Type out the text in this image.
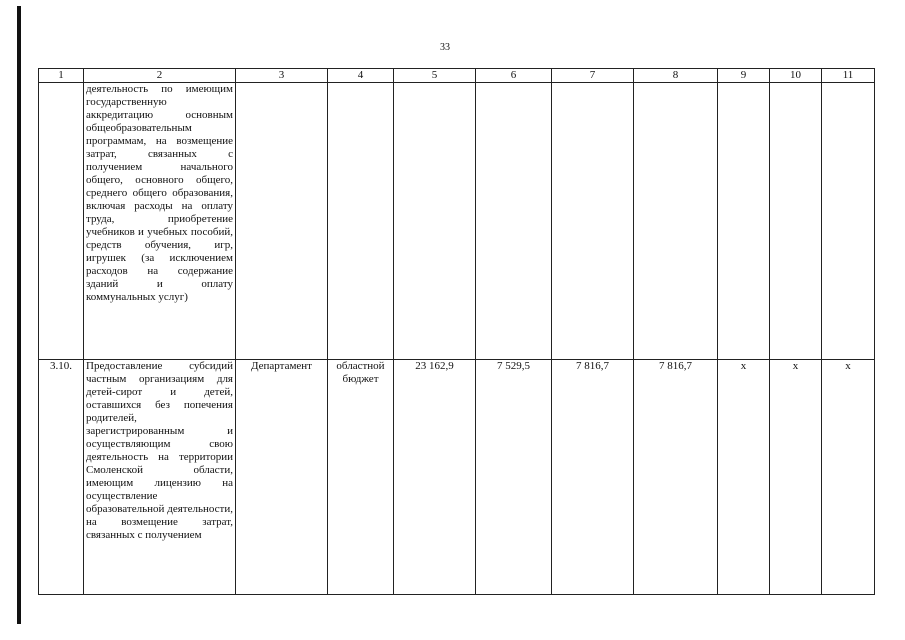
33
1	2	3	4	5	6	7	8	9	10	11
	деятельность по имеющим государственную аккредитацию основным общеобразовательным программам, на возмещение затрат, связанных с получением начального общего, основного общего, среднего общего образования, включая расходы на оплату труда, приобретение учебников и учебных пособий, средств обучения, игр, игрушек (за исключением расходов на содержание зданий и оплату коммунальных услуг)									
3.10.	Предоставление субсидий частным организациям для детей-сирот и детей, оставшихся без попечения родителей, зарегистрированным и осуществляющим свою деятельность на территории Смоленской области, имеющим лицензию на осуществление образовательной деятельности, на возмещение затрат, связанных с получением	Департамент	областной бюджет	23 162,9	7 529,5	7 816,7	7 816,7	х	х	х
